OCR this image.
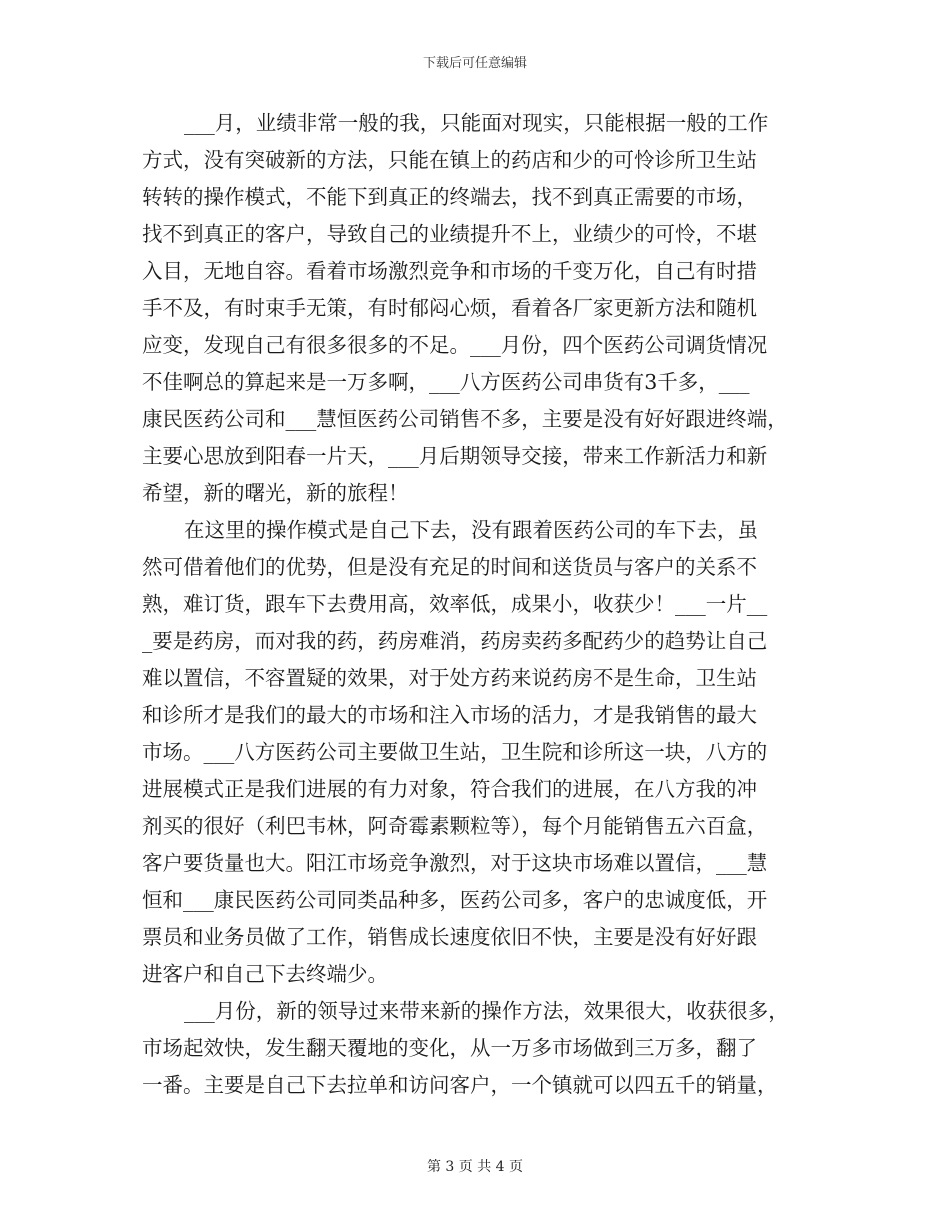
下载后可任意编辑
___月，业绩非常一般的我，只能面对现实，只能根据一般的工作
方式，没有突破新的方法，只能在镇上的药店和少的可怜诊所卫生站
转转的操作模式，不能下到真正的终端去，找不到真正需要的市场，
找不到真正的客户，导致自己的业绩提升不上，业绩少的可怜，不堪
入目，无地自容。看着市场激烈竞争和市场的千变万化，自己有时措
手不及，有时束手无策，有时郁闷心烦，看着各厂家更新方法和随机
应变，发现自己有很多很多的不足。___月份，四个医药公司调货情况
不佳啊总的算起来是一万多啊，___八方医药公司串货有3千多，___
康民医药公司和___慧恒医药公司销售不多，主要是没有好好跟进终端，
主要心思放到阳春一片天，___月后期领导交接，带来工作新活力和新
希望，新的曙光，新的旅程！
在这里的操作模式是自己下去，没有跟着医药公司的车下去，虽
然可借着他们的优势，但是没有充足的时间和送货员与客户的关系不
熟，难订货，跟车下去费用高，效率低，成果小，收获少！___一片__
_要是药房，而对我的药，药房难消，药房卖药多配药少的趋势让自己
难以置信，不容置疑的效果，对于处方药来说药房不是生命，卫生站
和诊所才是我们的最大的市场和注入市场的活力，才是我销售的最大
市场。___八方医药公司主要做卫生站，卫生院和诊所这一块，八方的
进展模式正是我们进展的有力对象，符合我们的进展，在八方我的冲
剂买的很好（利巴韦林，阿奇霉素颗粒等），每个月能销售五六百盒，
客户要货量也大。阳江市场竞争激烈，对于这块市场难以置信，___慧
恒和___康民医药公司同类品种多，医药公司多，客户的忠诚度低，开
票员和业务员做了工作，销售成长速度依旧不快，主要是没有好好跟
进客户和自己下去终端少。
___月份，新的领导过来带来新的操作方法，效果很大，收获很多，
市场起效快，发生翻天覆地的变化，从一万多市场做到三万多，翻了
一番。主要是自己下去拉单和访问客户，一个镇就可以四五千的销量，
第 3 页 共 4 页
